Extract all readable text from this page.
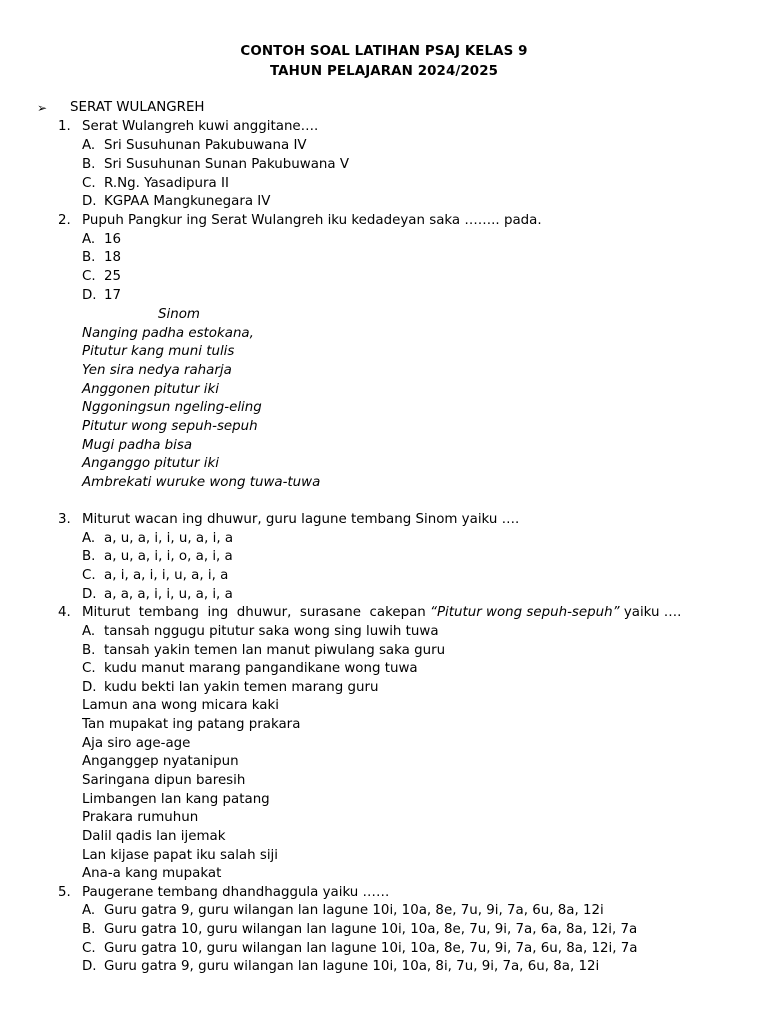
CONTOH SOAL LATIHAN PSAJ KELAS 9
TAHUN PELAJARAN 2024/2025
➢ SERAT WULANGREH
1. Serat Wulangreh kuwi anggitane….
A. Sri Susuhunan Pakubuwana IV
B. Sri Susuhunan Sunan Pakubuwana V
C. R.Ng. Yasadipura II
D. KGPAA Mangkunegara IV
2. Pupuh Pangkur ing Serat Wulangreh iku kedadeyan saka …….. pada.
A. 16
B. 18
C. 25
D. 17
Sinom
Nanging padha estokana,
Pitutur kang muni tulis
Yen sira nedya raharja
Anggonen pitutur iki
Nggoningsun ngeling-eling
Pitutur wong sepuh-sepuh
Mugi padha bisa
Anganggo pitutur iki
Ambrekati wuruke wong tuwa-tuwa
3. Miturut wacan ing dhuwur, guru lagune tembang Sinom yaiku ….
A. a, u, a, i, i, u, a, i, a
B. a, u, a, i, i, o, a, i, a
C. a, i, a, i, i, u, a, i, a
D. a, a, a, i, i, u, a, i, a
4. Miturut  tembang  ing  dhuwur,  surasane  cakepan “Pitutur wong sepuh-sepuh” yaiku ….
A. tansah nggugu pitutur saka wong sing luwih tuwa
B. tansah yakin temen lan manut piwulang saka guru
C. kudu manut marang pangandikane wong tuwa
D. kudu bekti lan yakin temen marang guru
Lamun ana wong micara kaki
Tan mupakat ing patang prakara
Aja siro age-age
Anganggep nyatanipun
Saringana dipun baresih
Limbangen lan kang patang
Prakara rumuhun
Dalil qadis lan ijemak
Lan kijase papat iku salah siji
Ana-a kang mupakat
5. Paugerane tembang dhandhaggula yaiku ……
A. Guru gatra 9, guru wilangan lan lagune 10i, 10a, 8e, 7u, 9i, 7a, 6u, 8a, 12i
B. Guru gatra 10, guru wilangan lan lagune 10i, 10a, 8e, 7u, 9i, 7a, 6a, 8a, 12i, 7a
C. Guru gatra 10, guru wilangan lan lagune 10i, 10a, 8e, 7u, 9i, 7a, 6u, 8a, 12i, 7a
D. Guru gatra 9, guru wilangan lan lagune 10i, 10a, 8i, 7u, 9i, 7a, 6u, 8a, 12i
